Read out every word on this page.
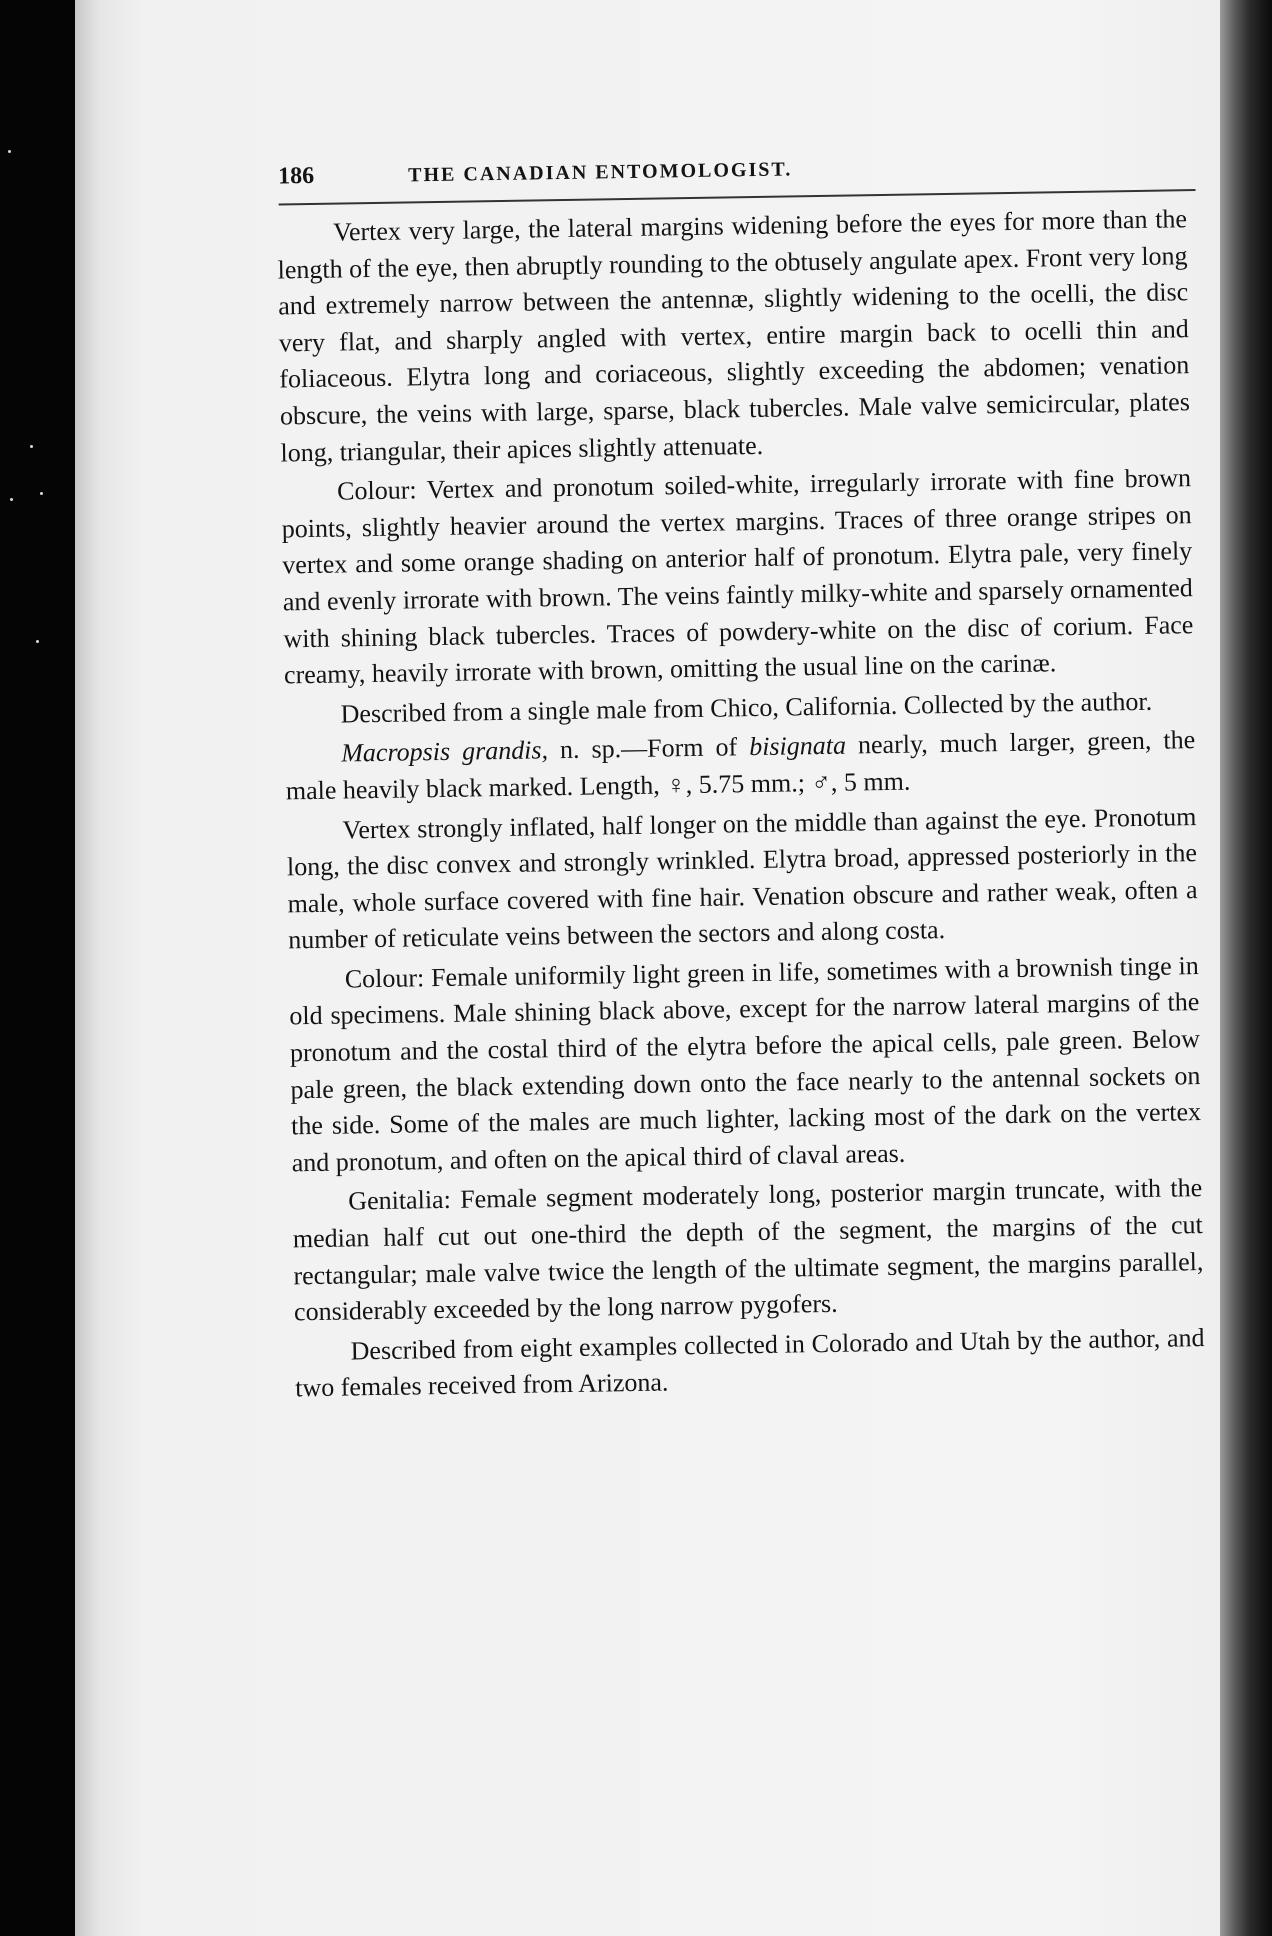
186	THE CANADIAN ENTOMOLOGIST.

Vertex very large, the lateral margins widening before the eyes for more than the length of the eye, then abruptly rounding to the obtusely angulate apex. Front very long and extremely narrow between the antennæ, slightly widening to the ocelli, the disc very flat, and sharply angled with vertex, entire margin back to ocelli thin and foliaceous. Elytra long and coriaceous, slightly exceeding the abdomen; venation obscure, the veins with large, sparse, black tubercles. Male valve semicircular, plates long, triangular, their apices slightly attenuate.

Colour: Vertex and pronotum soiled-white, irregularly irrorate with fine brown points, slightly heavier around the vertex margins. Traces of three orange stripes on vertex and some orange shading on anterior half of pronotum. Elytra pale, very finely and evenly irrorate with brown. The veins faintly milky-white and sparsely ornamented with shining black tubercles. Traces of powdery-white on the disc of corium. Face creamy, heavily irrorate with brown, omitting the usual line on the carinæ.

Described from a single male from Chico, California. Collected by the author.

Macropsis grandis, n. sp.—Form of bisignata nearly, much larger, green, the male heavily black marked. Length, ♀, 5.75 mm.; ♂, 5 mm.

Vertex strongly inflated, half longer on the middle than against the eye. Pronotum long, the disc convex and strongly wrinkled. Elytra broad, appressed posteriorly in the male, whole surface covered with fine hair. Venation obscure and rather weak, often a number of reticulate veins between the sectors and along costa.

Colour: Female uniformily light green in life, sometimes with a brownish tinge in old specimens. Male shining black above, except for the narrow lateral margins of the pronotum and the costal third of the elytra before the apical cells, pale green. Below pale green, the black extending down onto the face nearly to the antennal sockets on the side. Some of the males are much lighter, lacking most of the dark on the vertex and pronotum, and often on the apical third of claval areas.

Genitalia: Female segment moderately long, posterior margin truncate, with the median half cut out one-third the depth of the segment, the margins of the cut rectangular; male valve twice the length of the ultimate segment, the margins parallel, considerably exceeded by the long narrow pygofers.

Described from eight examples collected in Colorado and Utah by the author, and two females received from Arizona.
